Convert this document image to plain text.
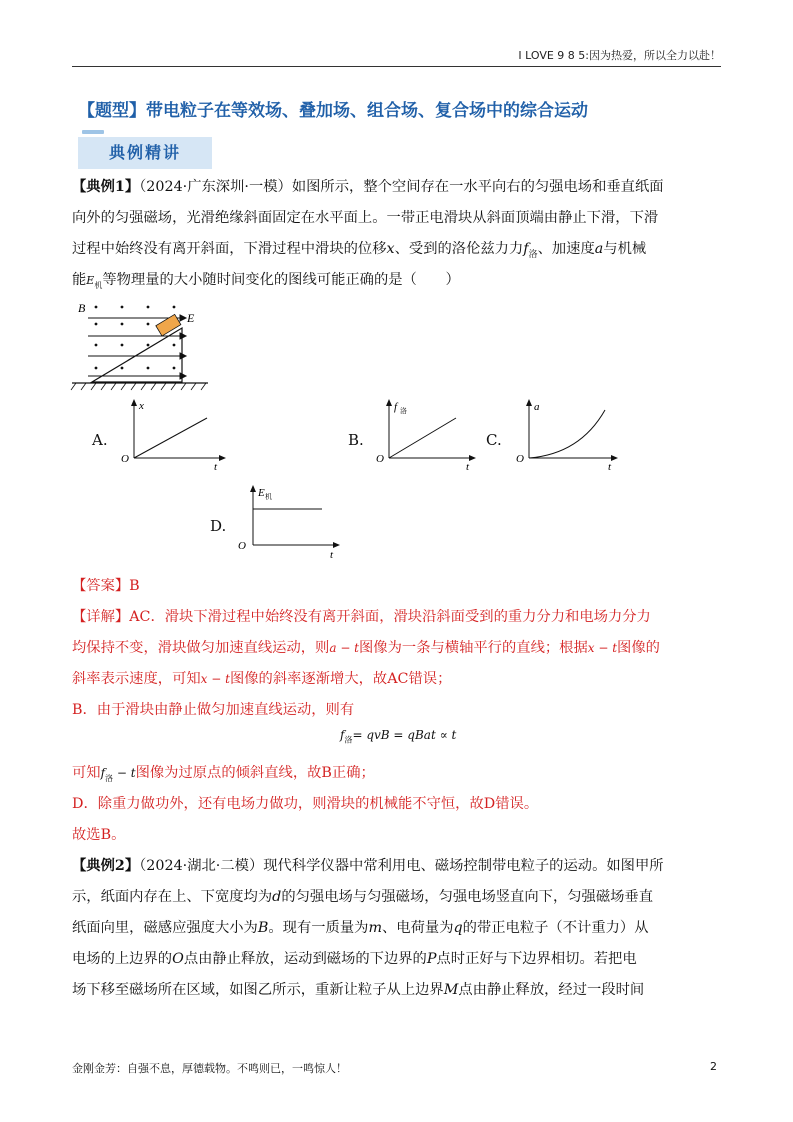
I LOVE 9 8 5:因为热爱，所以全力以赴！
【题型】带电粒子在等效场、叠加场、组合场、复合场中的综合运动
典例精讲
【典例1】（2024·广东深圳·一模）如图所示，整个空间存在一水平向右的匀强电场和垂直纸面
向外的匀强磁场，光滑绝缘斜面固定在水平面上。一带正电滑块从斜面顶端由静止下滑，下滑
过程中始终没有离开斜面，下滑过程中滑块的位移x、受到的洛伦兹力力$f_洛$、加速度a与机械
能$E_机$等物理量的大小随时间变化的图线可能正确的是（　　）
B
E
A.
x
O
t
B.
f 洛
O
t
C.
a
O
t
D.
E 机
O
t
【答案】B
【详解】AC．滑块下滑过程中始终没有离开斜面，滑块沿斜面受到的重力分力和电场力分力
均保持不变，滑块做匀加速直线运动，则a − t图像为一条与横轴平行的直线；根据x − t图像的
斜率表示速度，可知x − t图像的斜率逐渐增大，故AC错误；
B．由于滑块由静止做匀加速直线运动，则有
$f_洛=$ qvB = qBat ∝ t
可知$f_洛 - t$图像为过原点的倾斜直线，故B正确；
D．除重力做功外，还有电场力做功，则滑块的机械能不守恒，故D错误。
故选B。
【典例2】（2024·湖北·二模）现代科学仪器中常利用电、磁场控制带电粒子的运动。如图甲所
示，纸面内存在上、下宽度均为d的匀强电场与匀强磁场，匀强电场竖直向下，匀强磁场垂直
纸面向里，磁感应强度大小为B。现有一质量为m、电荷量为q的带正电粒子（不计重力）从
电场的上边界的O点由静止释放，运动到磁场的下边界的P点时正好与下边界相切。若把电
场下移至磁场所在区域，如图乙所示，重新让粒子从上边界M点由静止释放，经过一段时间
金刚金芳：自强不息，厚德载物。不鸣则已，一鸣惊人！	2
